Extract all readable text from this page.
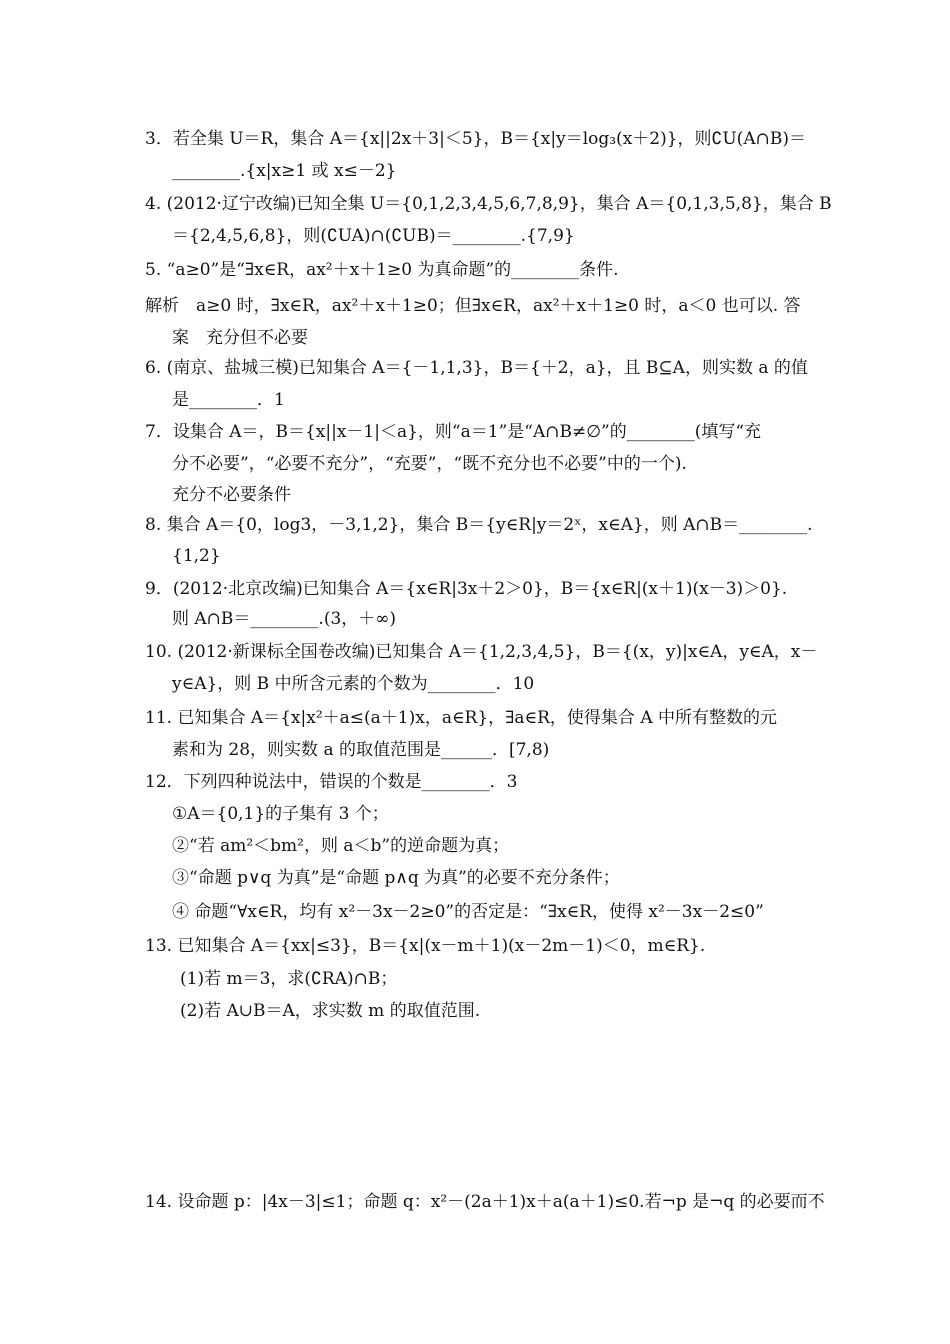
3．若全集 U＝R，集合 A＝{x||2x＋3|＜5}，B＝{x|y＝log₃(x＋2)}，则∁U(A∩B)＝
________.{x|x≥1 或 x≤－2}
4. (2012·辽宁改编)已知全集 U＝{0,1,2,3,4,5,6,7,8,9}，集合 A＝{0,1,3,5,8}，集合 B
＝{2,4,5,6,8}，则(∁UA)∩(∁UB)＝________.{7,9}
5. “a≥0”是“∃x∈R，ax²＋x＋1≥0 为真命题”的________条件.
解析　a≥0 时，∃x∈R，ax²＋x＋1≥0；但∃x∈R，ax²＋x＋1≥0 时，a＜0 也可以. 答
案　充分但不必要
6. (南京、盐城三模)已知集合 A＝{－1,1,3}，B＝{＋2，a}，且 B⊆A，则实数 a 的值
是________．1
7．设集合 A＝，B＝{x||x－1|＜a}，则“a＝1”是“A∩B≠∅”的________(填写“充
分不必要”，“必要不充分”，“充要”，“既不充分也不必要”中的一个).
充分不必要条件
8. 集合 A＝{0，log3，－3,1,2}，集合 B＝{y∈R|y＝2ˣ，x∈A}，则 A∩B＝________.
{1,2}
9．(2012·北京改编)已知集合 A＝{x∈R|3x＋2＞0}，B＝{x∈R|(x＋1)(x－3)＞0}.
则 A∩B＝________.(3，＋∞)
10. (2012·新课标全国卷改编)已知集合 A＝{1,2,3,4,5}，B＝{(x，y)|x∈A，y∈A，x－
y∈A}，则 B 中所含元素的个数为________．10
11. 已知集合 A＝{x|x²＋a≤(a＋1)x，a∈R}，∃a∈R，使得集合 A 中所有整数的元
素和为 28，则实数 a 的取值范围是______．[7,8)
12．下列四种说法中，错误的个数是________．3
①A＝{0,1}的子集有 3 个；
②“若 am²＜bm²，则 a＜b”的逆命题为真；
③“命题 p∨q 为真”是“命题 p∧q 为真”的必要不充分条件；
④ 命题“∀x∈R，均有 x²－3x－2≥0”的否定是：“∃x∈R，使得 x²－3x－2≤0”
13. 已知集合 A＝{xx|≤3}，B＝{x|(x－m＋1)(x－2m－1)＜0，m∈R}.
(1)若 m＝3，求(∁RA)∩B；
(2)若 A∪B＝A，求实数 m 的取值范围.
14. 设命题 p：|4x－3|≤1；命题 q：x²－(2a＋1)x＋a(a＋1)≤0.若¬p 是¬q 的必要而不
